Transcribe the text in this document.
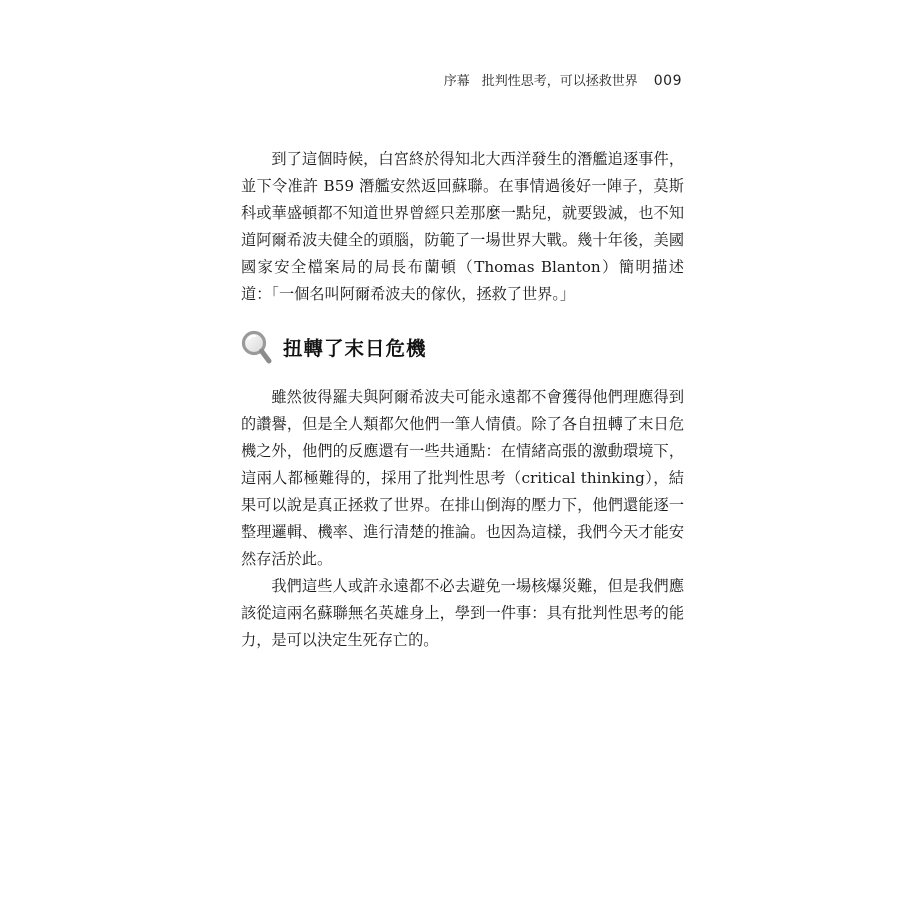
序幕 批判性思考，可以拯救世界 009

到了這個時候，白宮終於得知北大西洋發生的潛艦追逐事件，並下令准許 B59 潛艦安然返回蘇聯。在事情過後好一陣子，莫斯科或華盛頓都不知道世界曾經只差那麼一點兒，就要毀滅，也不知道阿爾希波夫健全的頭腦，防範了一場世界大戰。幾十年後，美國國家安全檔案局的局長布蘭頓（Thomas Blanton）簡明描述道：「一個名叫阿爾希波夫的傢伙，拯救了世界。」

扭轉了末日危機

雖然彼得羅夫與阿爾希波夫可能永遠都不會獲得他們理應得到的讚譽，但是全人類都欠他們一筆人情債。除了各自扭轉了末日危機之外，他們的反應還有一些共通點：在情緒高張的激動環境下，這兩人都極難得的，採用了批判性思考（critical thinking），結果可以說是真正拯救了世界。在排山倒海的壓力下，他們還能逐一整理邏輯、機率、進行清楚的推論。也因為這樣，我們今天才能安然存活於此。

我們這些人或許永遠都不必去避免一場核爆災難，但是我們應該從這兩名蘇聯無名英雄身上，學到一件事：具有批判性思考的能力，是可以決定生死存亡的。
